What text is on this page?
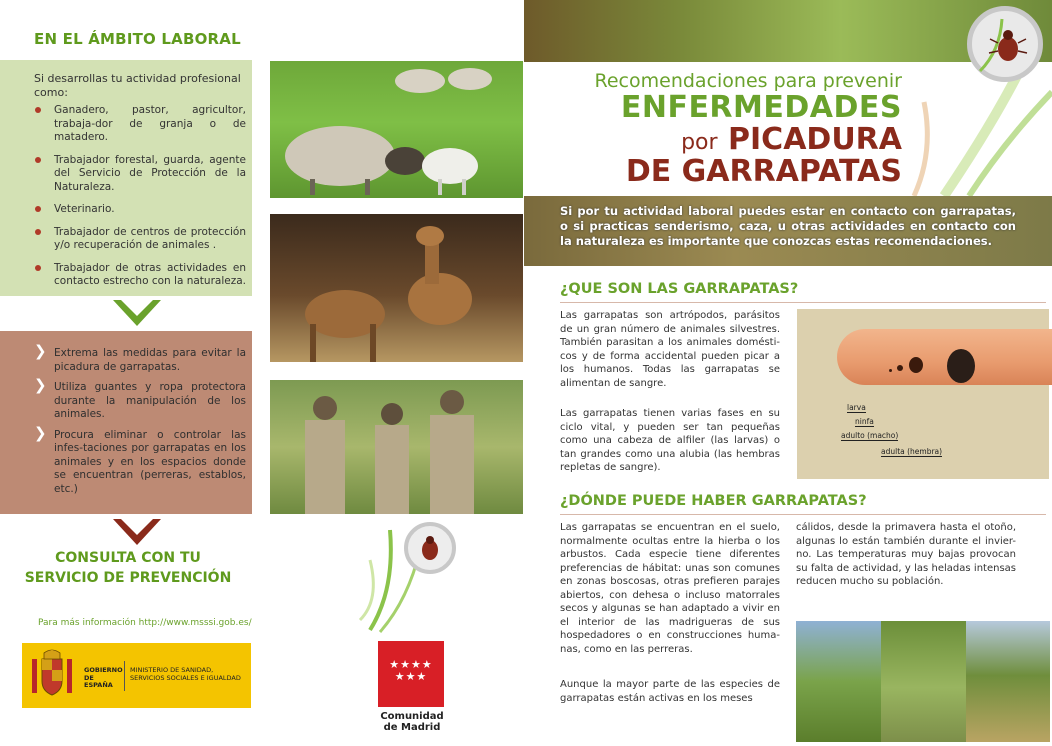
EN EL ÁMBITO LABORAL
Si desarrollas tu actividad profesional como:
Ganadero, pastor, agricultor, trabaja-dor de granja o de matadero.
Trabajador forestal, guarda, agente del Servicio de Protección de la Naturaleza.
Veterinario.
Trabajador de centros de protección y/o recuperación de animales .
Trabajador de otras actividades en contacto estrecho con la naturaleza.
❯ Extrema las medidas para evitar la picadura de garrapatas.
❯ Utiliza guantes y ropa protectora durante la manipulación de los animales.
❯ Procura eliminar o controlar las infes-taciones por garrapatas en los animales y en los espacios donde se encuentran (perreras, establos, etc.)
CONSULTA CON TU
SERVICIO DE PREVENCIÓN
Para más información http://www.msssi.gob.es/
GOBIERNO DE ESPAÑA
MINISTERIO DE SANIDAD, SERVICIOS SOCIALES E IGUALDAD
★★★★ ★★★
Comunidad
de Madrid
Recomendaciones para prevenir
ENFERMEDADES
por PICADURA
DE GARRAPATAS
Si por tu actividad laboral puedes estar en contacto con garrapatas, o si practicas senderismo, caza, u otras actividades en contacto con la naturaleza es importante que conozcas estas recomendaciones.
¿QUE SON LAS GARRAPATAS?
Las garrapatas son artrópodos, parásitos de un gran número de animales silvestres. También parasitan a los animales domésti-cos y de forma accidental pueden picar a los humanos. Todas las garrapatas se alimentan de sangre.
Las garrapatas tienen varias fases en su ciclo vital, y pueden ser tan pequeñas como una cabeza de alfiler (las larvas) o tan grandes como una alubia (las hembras repletas de sangre).
larva
ninfa
adulto (macho)
adulta (hembra)
¿DÓNDE PUEDE HABER GARRAPATAS?
Las garrapatas se encuentran en el suelo, normalmente ocultas entre la hierba o los arbustos. Cada especie tiene diferentes preferencias de hábitat: unas son comunes en zonas boscosas, otras prefieren parajes abiertos, con dehesa o incluso matorrales secos y algunas se han adaptado a vivir en el interior de las madrigueras de sus hospedadores o en construcciones huma-nas, como en las perreras.
Aunque la mayor parte de las especies de garrapatas están activas en los meses
cálidos, desde la primavera hasta el otoño, algunas lo están también durante el invier-no. Las temperaturas muy bajas provocan su falta de actividad, y las heladas intensas reducen mucho su población.
